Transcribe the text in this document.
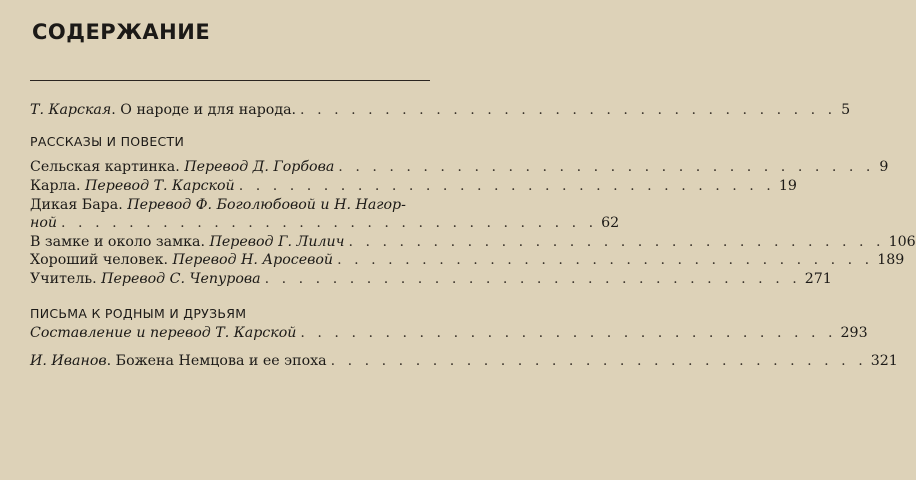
СОДЕРЖАНИЕ
Т. Карская. О народе и для народа. . . . . . . . . . . . . . . . . . . . . . . . . . . . . . . . . 5
РАССКАЗЫ И ПОВЕСТИ
Сельская картинка. Перевод Д. Горбова . . . . . . . . . . . . . . . . . . . . . . . . . . . . . . . . 9
Карла. Перевод Т. Карской . . . . . . . . . . . . . . . . . . . . . . . . . . . . . . . . 19
Дикая Бара. Перевод Ф. Боголюбовой и Н. Нагор-
ной . . . . . . . . . . . . . . . . . . . . . . . . . . . . . . . . 62
В замке и около замка. Перевод Г. Лилич . . . . . . . . . . . . . . . . . . . . . . . . . . . . . . . . 106
Хороший человек. Перевод Н. Аросевой . . . . . . . . . . . . . . . . . . . . . . . . . . . . . . . . 189
Учитель. Перевод С. Чепурова . . . . . . . . . . . . . . . . . . . . . . . . . . . . . . . . 271
ПИСЬМА К РОДНЫМ И ДРУЗЬЯМ
Составление и перевод Т. Карской . . . . . . . . . . . . . . . . . . . . . . . . . . . . . . . . 293
И. Иванов. Божена Немцова и ее эпоха . . . . . . . . . . . . . . . . . . . . . . . . . . . . . . . . 321
